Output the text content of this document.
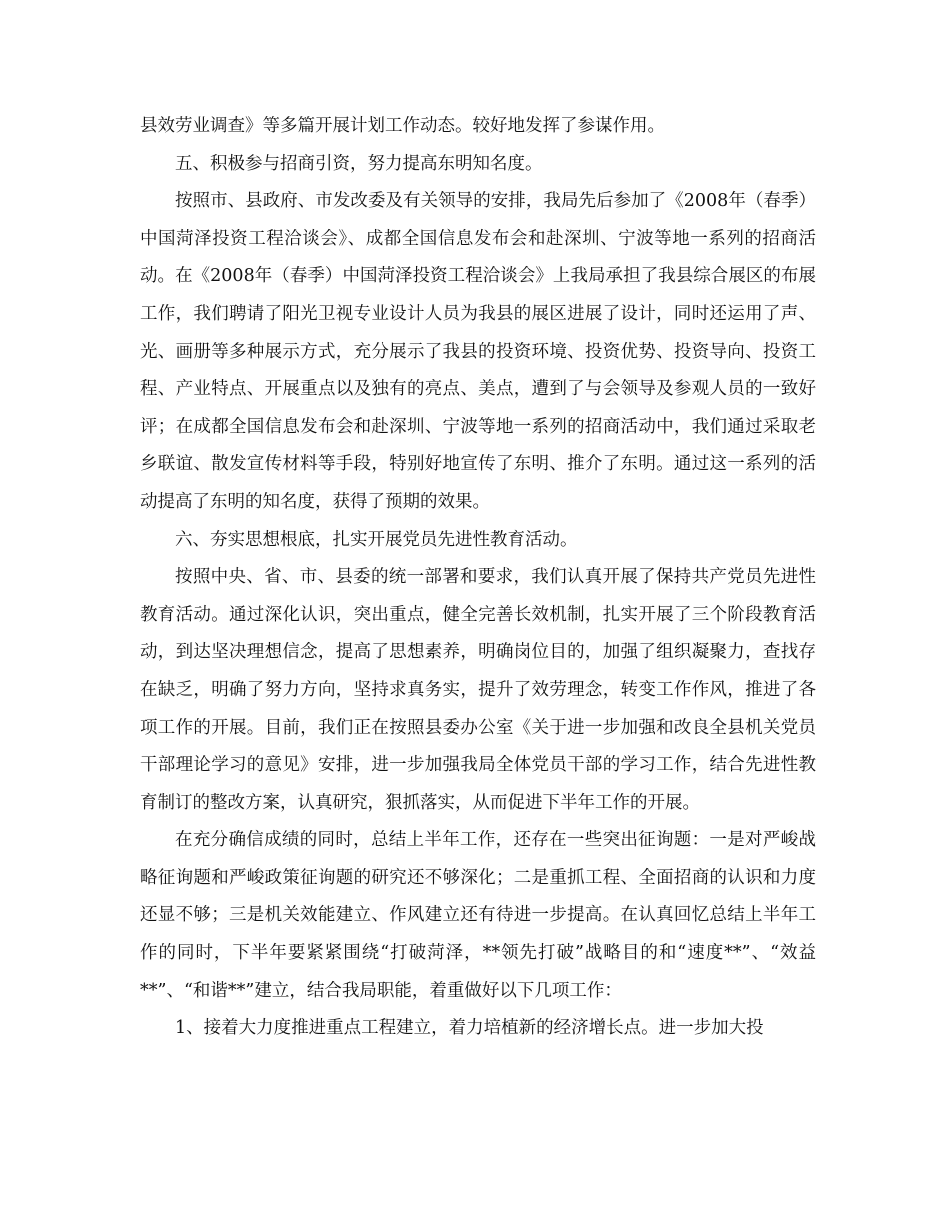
县效劳业调查》等多篇开展计划工作动态。较好地发挥了参谋作用。

五、积极参与招商引资，努力提高东明知名度。

按照市、县政府、市发改委及有关领导的安排，我局先后参加了《2008年（春季）中国菏泽投资工程洽谈会》、成都全国信息发布会和赴深圳、宁波等地一系列的招商活动。在《2008年（春季）中国菏泽投资工程洽谈会》上我局承担了我县综合展区的布展工作，我们聘请了阳光卫视专业设计人员为我县的展区进展了设计，同时还运用了声、光、画册等多种展示方式，充分展示了我县的投资环境、投资优势、投资导向、投资工程、产业特点、开展重点以及独有的亮点、美点，遭到了与会领导及参观人员的一致好评；在成都全国信息发布会和赴深圳、宁波等地一系列的招商活动中，我们通过采取老乡联谊、散发宣传材料等手段，特别好地宣传了东明、推介了东明。通过这一系列的活动提高了东明的知名度，获得了预期的效果。

六、夯实思想根底，扎实开展党员先进性教育活动。

按照中央、省、市、县委的统一部署和要求，我们认真开展了保持共产党员先进性教育活动。通过深化认识，突出重点，健全完善长效机制，扎实开展了三个阶段教育活动，到达坚决理想信念，提高了思想素养，明确岗位目的，加强了组织凝聚力，查找存在缺乏，明确了努力方向，坚持求真务实，提升了效劳理念，转变工作作风，推进了各项工作的开展。目前，我们正在按照县委办公室《关于进一步加强和改良全县机关党员干部理论学习的意见》安排，进一步加强我局全体党员干部的学习工作，结合先进性教育制订的整改方案，认真研究，狠抓落实，从而促进下半年工作的开展。

在充分确信成绩的同时，总结上半年工作，还存在一些突出征询题：一是对严峻战略征询题和严峻政策征询题的研究还不够深化；二是重抓工程、全面招商的认识和力度还显不够；三是机关效能建立、作风建立还有待进一步提高。在认真回忆总结上半年工作的同时，下半年要紧紧围绕“打破菏泽，**领先打破”战略目的和“速度**”、“效益**”、“和谐**”建立，结合我局职能，着重做好以下几项工作：

1、接着大力度推进重点工程建立，着力培植新的经济增长点。进一步加大投
